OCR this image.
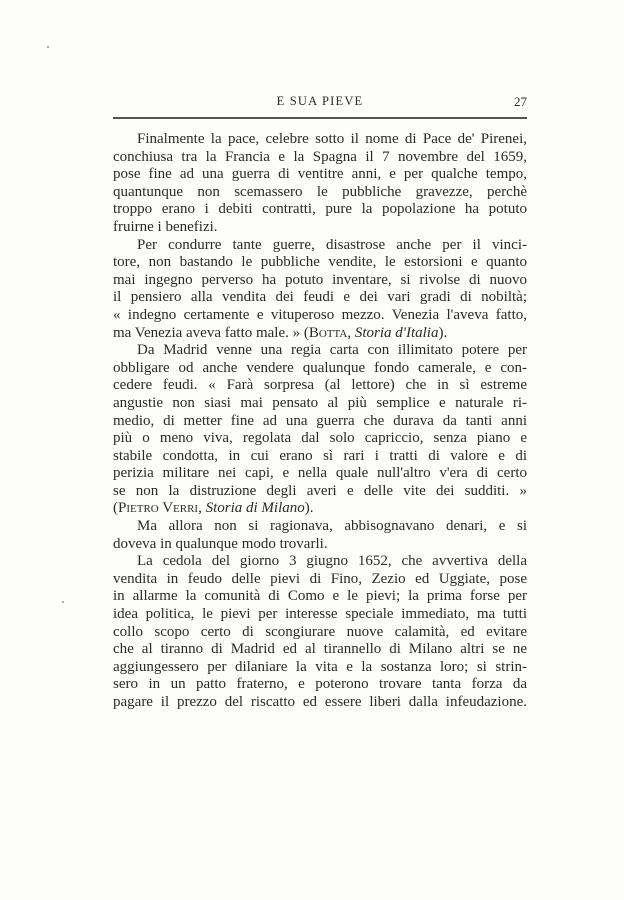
E SUA PIEVE	27
Finalmente la pace, celebre sotto il nome di Pace de' Pirenei,
conchiusa tra la Francia e la Spagna il 7 novembre del 1659,
pose fine ad una guerra di ventitre anni, e per qualche tempo,
quantunque non scemassero le pubbliche gravezze, perchè
troppo erano i debiti contratti, pure la popolazione ha potuto
fruirne i benefizi.
Per condurre tante guerre, disastrose anche per il vinci-
tore, non bastando le pubbliche vendite, le estorsioni e quanto
mai ingegno perverso ha potuto inventare, si rivolse di nuovo
il pensiero alla vendita dei feudi e dei vari gradi di nobiltà;
« indegno certamente e vituperoso mezzo. Venezia l'aveva fatto,
ma Venezia aveva fatto male. » (Botta, Storia d'Italia).
Da Madrid venne una regia carta con illimitato potere per
obbligare od anche vendere qualunque fondo camerale, e con-
cedere feudi. « Farà sorpresa (al lettore) che in sì estreme
angustie non siasi mai pensato al più semplice e naturale ri-
medio, di metter fine ad una guerra che durava da tanti anni
più o meno viva, regolata dal solo capriccio, senza piano e
stabile condotta, in cui erano sì rari i tratti di valore e di
perizia militare nei capi, e nella quale null'altro v'era di certo
se non la distruzione degli averi e delle vite dei sudditi. »
(Pietro Verri, Storia di Milano).
Ma allora non si ragionava, abbisognavano denari, e si
doveva in qualunque modo trovarli.
La cedola del giorno 3 giugno 1652, che avvertiva della
vendita in feudo delle pievi di Fino, Zezio ed Uggiate, pose
in allarme la comunità di Como e le pievi; la prima forse per
idea politica, le pievi per interesse speciale immediato, ma tutti
collo scopo certo di scongiurare nuove calamità, ed evitare
che al tiranno di Madrid ed al tirannello di Milano altri se ne
aggiungessero per dilaniare la vita e la sostanza loro; si strin-
sero in un patto fraterno, e poterono trovare tanta forza da
pagare il prezzo del riscatto ed essere liberi dalla infeudazione.
